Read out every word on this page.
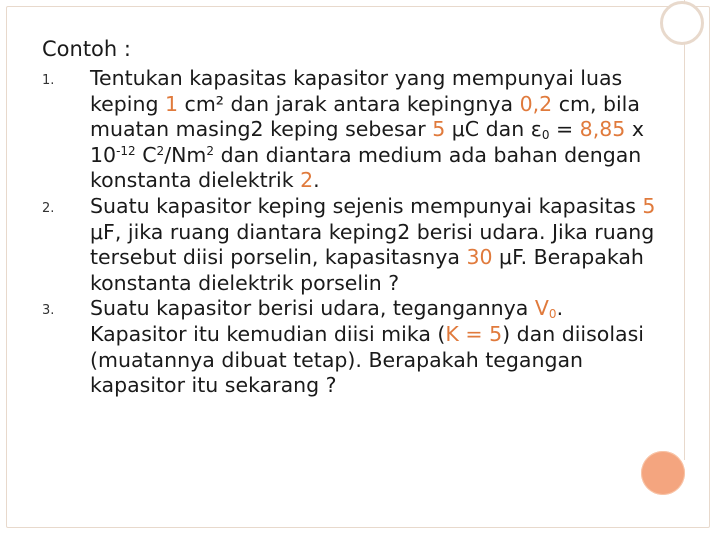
Contoh :
1. Tentukan kapasitas kapasitor yang mempunyai luas keping 1 cm² dan jarak antara kepingnya 0,2 cm, bila muatan masing2 keping sebesar 5 μC dan $\varepsilon_0 = 8,85$ x $10^{-12}$ $C^2/Nm^2$ dan diantara medium ada bahan dengan konstanta dielektrik 2.
2. Suatu kapasitor keping sejenis mempunyai kapasitas 5 μF, jika ruang diantara keping2 berisi udara. Jika ruang tersebut diisi porselin, kapasitasnya 30 μF. Berapakah konstanta dielektrik porselin ?
3. Suatu kapasitor berisi udara, tegangannya $V_0$. Kapasitor itu kemudian diisi mika (K = 5) dan diisolasi (muatannya dibuat tetap). Berapakah tegangan kapasitor itu sekarang ?
